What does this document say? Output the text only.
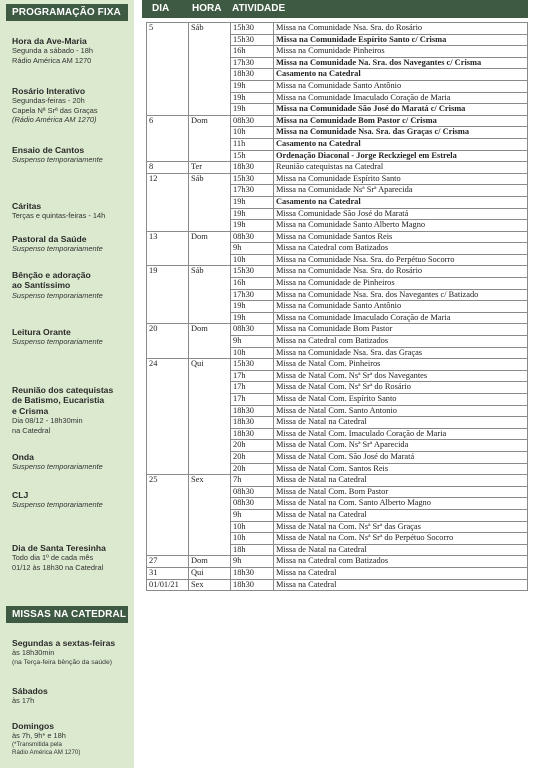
PROGRAMAÇÃO FIXA
Hora da Ave-Maria
Segunda a sábado - 18h
Rádio América AM 1270
Rosário Interativo
Segundas-feiras - 20h
Capela Nª Srª das Graças
(Rádio América AM 1270)
Ensaio de Cantos
Suspenso temporariamente
Cáritas
Terças e quintas-feiras - 14h
Pastoral da Saúde
Suspenso temporariamente
Bênção e adoração
ao Santíssimo
Suspenso temporariamente
Leitura Orante
Suspenso temporariamente
Reunião dos catequistas
de Batismo, Eucaristia
e Crisma
Dia 08/12 - 18h30min
na Catedral
Onda
Suspenso temporariamente
CLJ
Suspenso temporariamente
Dia de Santa Teresinha
Todo dia 1º de cada mês
01/12 às 18h30 na Catedral
MISSAS NA CATEDRAL
Segundas a sextas-feiras
às 18h30min
(na Terça-feira bênção da saúde)
Sábados
às 17h
Domingos
às 7h, 9h* e 18h
(*Transmitida pela
Rádio América AM 1270)
DIA HORA ATIVIDADE
5	Sáb	15h30	Missa na Comunidade Nsa. Sra. do Rosário
		15h30	Missa na Comunidade Espírito Santo c/ Crisma
		16h	Missa na Comunidade Pinheiros
		17h30	Missa na Comunidade Na. Sra. dos Navegantes c/ Crisma
		18h30	Casamento na Catedral
		19h	Missa na Comunidade Santo Antônio
		19h	Missa na Comunidade Imaculado Coração de Maria
		19h	Missa na Comunidade São José do Maratá c/ Crisma
6	Dom	08h30	Missa na Comunidade Bom Pastor c/ Crisma
		10h	Missa na Comunidade Nsa. Sra. das Graças c/ Crisma
		11h	Casamento na Catedral
		15h	Ordenação Diaconal - Jorge Reckziegel em Estrela
8	Ter	18h30	Reunião catequistas na Catedral
12	Sáb	15h30	Missa na Comunidade Espírito Santo
		17h30	Missa na Comunidade Nsª Srª Aparecida
		19h	Casamento na Catedral
		19h	Missa Comunidade São José do Maratá
		19h	Missa na Comunidade Santo Alberto Magno
13	Dom	08h30	Missa na Comunidade Santos Reis
		9h	Missa na Catedral com Batizados
		10h	Missa na Comunidade Nsa. Sra. do Perpétuo Socorro
19	Sáb	15h30	Missa na Comunidade Nsa. Sra. do Rosário
		16h	Missa na Comunidade de Pinheiros
		17h30	Missa na Comunidade Nsa. Sra. dos Navegantes c/ Batizado
		19h	Missa na Comunidade Santo Antônio
		19h	Missa na Comunidade Imaculado Coração de Maria
20	Dom	08h30	Missa na Comunidade Bom Pastor
		9h	Missa na Catedral com Batizados
		10h	Missa na Comunidade Nsa. Sra. das Graças
24	Qui	15h30	Missa de Natal Com. Pinheiros
		17h	Missa de Natal Com. Nsª Srª dos Navegantes
		17h	Missa de Natal Com. Nsª Srª do Rosário
		17h	Missa de Natal Com. Espírito Santo
		18h30	Missa de Natal Com. Santo Antonio
		18h30	Missa de Natal na Catedral
		18h30	Missa de Natal Com. Imaculado Coração de Maria
		20h	Missa de Natal Com. Nsª Srª Aparecida
		20h	Missa de Natal Com. São José do Maratá
		20h	Missa de Natal Com. Santos Reis
25	Sex	7h	Missa de Natal na Catedral
		08h30	Missa de Natal Com. Bom Pastor
		08h30	Missa de Natal na Com. Santo Alberto Magno
		9h	Missa de Natal na Catedral
		10h	Missa de Natal na Com. Nsª Srª das Graças
		10h	Missa de Natal na Com. Nsª Srª do Perpétuo Socorro
		18h	Missa de Natal na Catedral
27	Dom	9h	Missa na Catedral com Batizados
31	Qui	18h30	Missa na Catedral
01/01/21	Sex	18h30	Missa na Catedral
